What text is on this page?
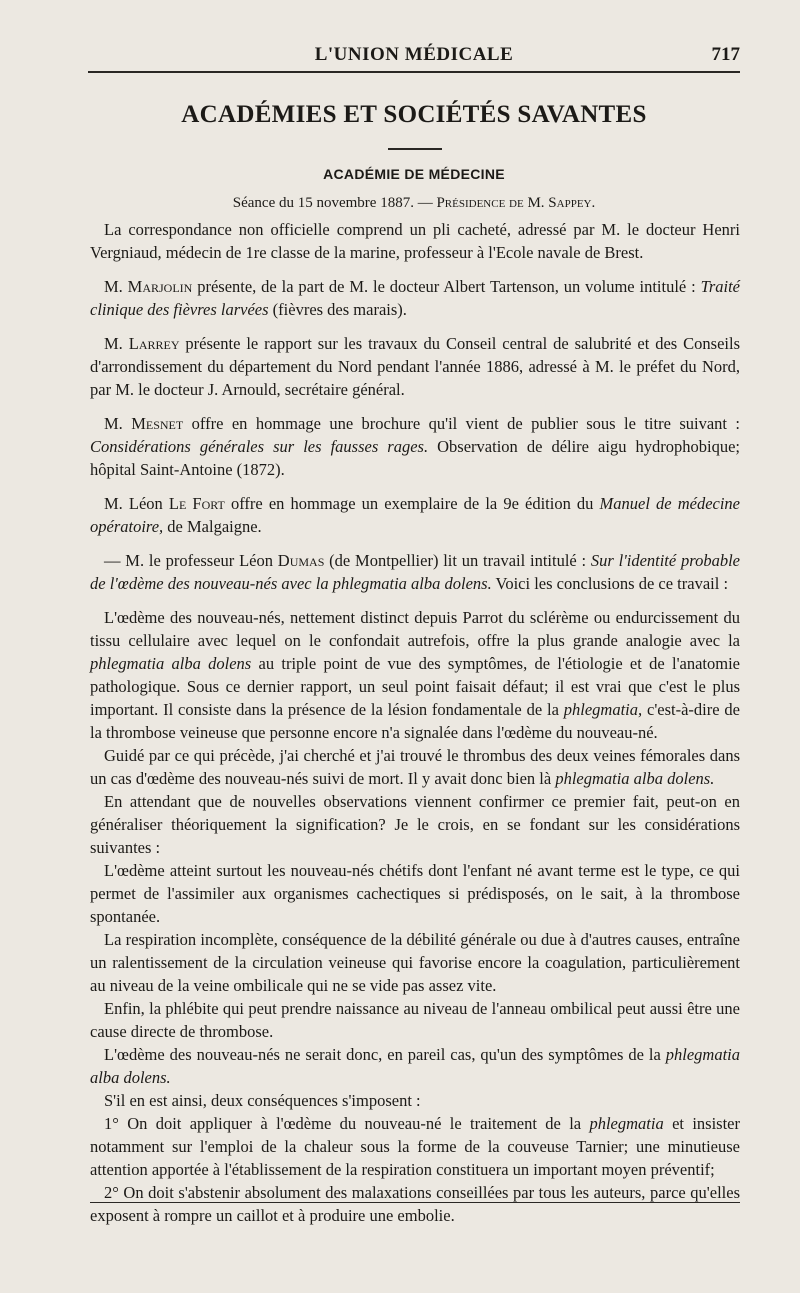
L'UNION MÉDICALE	717
ACADÉMIES ET SOCIÉTÉS SAVANTES
ACADÉMIE DE MÉDECINE
Séance du 15 novembre 1887. — Présidence de M. Sappey.

La correspondance non officielle comprend un pli cacheté, adressé par M. le docteur Henri Vergniaud, médecin de 1re classe de la marine, professeur à l'Ecole navale de Brest.

M. Marjolin présente, de la part de M. le docteur Albert Tartenson, un volume intitulé : Traité clinique des fièvres larvées (fièvres des marais).

M. Larrey présente le rapport sur les travaux du Conseil central de salubrité et des Conseils d'arrondissement du département du Nord pendant l'année 1886, adressé à M. le préfet du Nord, par M. le docteur J. Arnould, secrétaire général.

M. Mesnet offre en hommage une brochure qu'il vient de publier sous le titre suivant : Considérations générales sur les fausses rages. Observation de délire aigu hydrophobique; hôpital Saint-Antoine (1872).

M. Léon Le Fort offre en hommage un exemplaire de la 9e édition du Manuel de médecine opératoire, de Malgaigne.

— M. le professeur Léon Dumas (de Montpellier) lit un travail intitulé : Sur l'identité probable de l'œdème des nouveau-nés avec la phlegmatia alba dolens. Voici les conclusions de ce travail :

L'œdème des nouveau-nés, nettement distinct depuis Parrot du sclérème ou endurcissement du tissu cellulaire avec lequel on le confondait autrefois, offre la plus grande analogie avec la phlegmatia alba dolens au triple point de vue des symptômes, de l'étiologie et de l'anatomie pathologique. Sous ce dernier rapport, un seul point faisait défaut; il est vrai que c'est le plus important. Il consiste dans la présence de la lésion fondamentale de la phlegmatia, c'est-à-dire de la thrombose veineuse que personne encore n'a signalée dans l'œdème du nouveau-né.

Guidé par ce qui précède, j'ai cherché et j'ai trouvé le thrombus des deux veines fémorales dans un cas d'œdème des nouveau-nés suivi de mort. Il y avait donc bien là phlegmatia alba dolens.

En attendant que de nouvelles observations viennent confirmer ce premier fait, peut-on en généraliser théoriquement la signification? Je le crois, en se fondant sur les considérations suivantes :

L'œdème atteint surtout les nouveau-nés chétifs dont l'enfant né avant terme est le type, ce qui permet de l'assimiler aux organismes cachectiques si prédisposés, on le sait, à la thrombose spontanée.

La respiration incomplète, conséquence de la débilité générale ou due à d'autres causes, entraîne un ralentissement de la circulation veineuse qui favorise encore la coagulation, particulièrement au niveau de la veine ombilicale qui ne se vide pas assez vite.

Enfin, la phlébite qui peut prendre naissance au niveau de l'anneau ombilical peut aussi être une cause directe de thrombose.

L'œdème des nouveau-nés ne serait donc, en pareil cas, qu'un des symptômes de la phlegmatia alba dolens.

S'il en est ainsi, deux conséquences s'imposent :

1° On doit appliquer à l'œdème du nouveau-né le traitement de la phlegmatia et insister notamment sur l'emploi de la chaleur sous la forme de la couveuse Tarnier; une minutieuse attention apportée à l'établissement de la respiration constituera un important moyen préventif;

2° On doit s'abstenir absolument des malaxations conseillées par tous les auteurs, parce qu'elles exposent à rompre un caillot et à produire une embolie.
